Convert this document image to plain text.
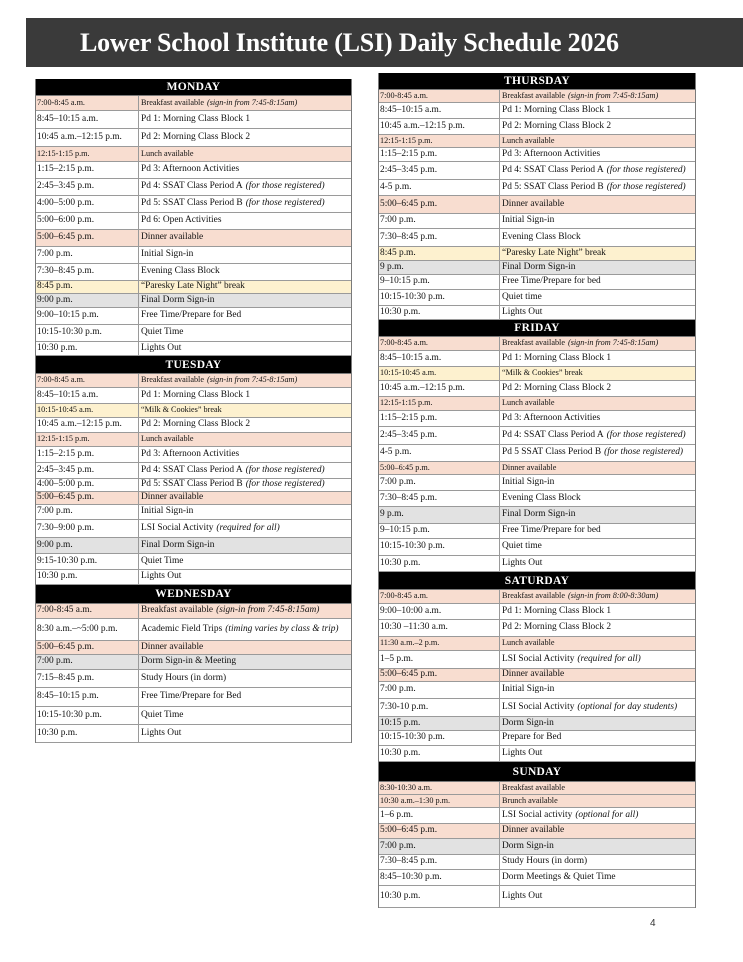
Lower School Institute (LSI) Daily Schedule 2026
MONDAY
7:00-8:45 a.m.	Breakfast available (sign-in from 7:45-8:15am)
8:45–10:15 a.m.	Pd 1: Morning Class Block 1
10:45 a.m.–12:15 p.m.	Pd 2: Morning Class Block 2
12:15-1:15 p.m.	Lunch available
1:15–2:15 p.m.	Pd 3: Afternoon Activities
2:45–3:45 p.m.	Pd 4: SSAT Class Period A (for those registered)
4:00–5:00 p.m.	Pd 5: SSAT Class Period B (for those registered)
5:00–6:00 p.m.	Pd 6: Open Activities
5:00–6:45 p.m.	Dinner available
7:00 p.m.	Initial Sign-in
7:30–8:45 p.m.	Evening Class Block
8:45 p.m.	“Paresky Late Night” break
9:00 p.m.	Final Dorm Sign-in
9:00–10:15 p.m.	Free Time/Prepare for Bed
10:15-10:30 p.m.	Quiet Time
10:30 p.m.	Lights Out
TUESDAY
7:00-8:45 a.m.	Breakfast available (sign-in from 7:45-8:15am)
8:45–10:15 a.m.	Pd 1: Morning Class Block 1
10:15-10:45 a.m.	“Milk & Cookies” break
10:45 a.m.–12:15 p.m.	Pd 2: Morning Class Block 2
12:15-1:15 p.m.	Lunch available
1:15–2:15 p.m.	Pd 3: Afternoon Activities
2:45–3:45 p.m.	Pd 4: SSAT Class Period A (for those registered)
4:00–5:00 p.m.	Pd 5: SSAT Class Period B (for those registered)
5:00–6:45 p.m.	Dinner available
7:00 p.m.	Initial Sign-in
7:30–9:00 p.m.	LSI Social Activity (required for all)
9:00 p.m.	Final Dorm Sign-in
9:15-10:30 p.m.	Quiet Time
10:30 p.m.	Lights Out
WEDNESDAY
7:00-8:45 a.m.	Breakfast available (sign-in from 7:45-8:15am)
8:30 a.m.–~5:00 p.m.	Academic Field Trips (timing varies by class & trip)
5:00–6:45 p.m.	Dinner available
7:00 p.m.	Dorm Sign-in & Meeting
7:15–8:45 p.m.	Study Hours (in dorm)
8:45–10:15 p.m.	Free Time/Prepare for Bed
10:15-10:30 p.m.	Quiet Time
10:30 p.m.	Lights Out
THURSDAY
7:00-8:45 a.m.	Breakfast available (sign-in from 7:45-8:15am)
8:45–10:15 a.m.	Pd 1: Morning Class Block 1
10:45 a.m.–12:15 p.m.	Pd 2: Morning Class Block 2
12:15-1:15 p.m.	Lunch available
1:15–2:15 p.m.	Pd 3: Afternoon Activities
2:45–3:45 p.m.	Pd 4: SSAT Class Period A (for those registered)
4-5 p.m.	Pd 5: SSAT Class Period B (for those registered)
5:00–6:45 p.m.	Dinner available
7:00 p.m.	Initial Sign-in
7:30–8:45 p.m.	Evening Class Block
8:45 p.m.	“Paresky Late Night” break
9 p.m.	Final Dorm Sign-in
9–10:15 p.m.	Free Time/Prepare for bed
10:15-10:30 p.m.	Quiet time
10:30 p.m.	Lights Out
FRIDAY
7:00-8:45 a.m.	Breakfast available (sign-in from 7:45-8:15am)
8:45–10:15 a.m.	Pd 1: Morning Class Block 1
10:15-10:45 a.m.	“Milk & Cookies” break
10:45 a.m.–12:15 p.m.	Pd 2: Morning Class Block 2
12:15-1:15 p.m.	Lunch available
1:15–2:15 p.m.	Pd 3: Afternoon Activities
2:45–3:45 p.m.	Pd 4: SSAT Class Period A (for those registered)
4-5 p.m.	Pd 5 SSAT Class Period B (for those registered)
5:00–6:45 p.m.	Dinner available
7:00 p.m.	Initial Sign-in
7:30–8:45 p.m.	Evening Class Block
9 p.m.	Final Dorm Sign-in
9–10:15 p.m.	Free Time/Prepare for bed
10:15-10:30 p.m.	Quiet time
10:30 p.m.	Lights Out
SATURDAY
7:00-8:45 a.m.	Breakfast available (sign-in from 8:00-8:30am)
9:00–10:00 a.m.	Pd 1: Morning Class Block 1
10:30 –11:30 a.m.	Pd 2: Morning Class Block 2
11:30 a.m.–2 p.m.	Lunch available
1–5 p.m.	LSI Social Activity (required for all)
5:00–6:45 p.m.	Dinner available
7:00 p.m.	Initial Sign-in
7:30-10 p.m.	LSI Social Activity (optional for day students)
10:15 p.m.	Dorm Sign-in
10:15-10:30 p.m.	Prepare for Bed
10:30 p.m.	Lights Out
SUNDAY
8:30-10:30 a.m.	Breakfast available
10:30 a.m.–1:30 p.m.	Brunch available
1–6 p.m.	LSI Social activity (optional for all)
5:00–6:45 p.m.	Dinner available
7:00 p.m.	Dorm Sign-in
7:30–8:45 p.m.	Study Hours (in dorm)
8:45–10:30 p.m.	Dorm Meetings & Quiet Time
10:30 p.m.	Lights Out
4
